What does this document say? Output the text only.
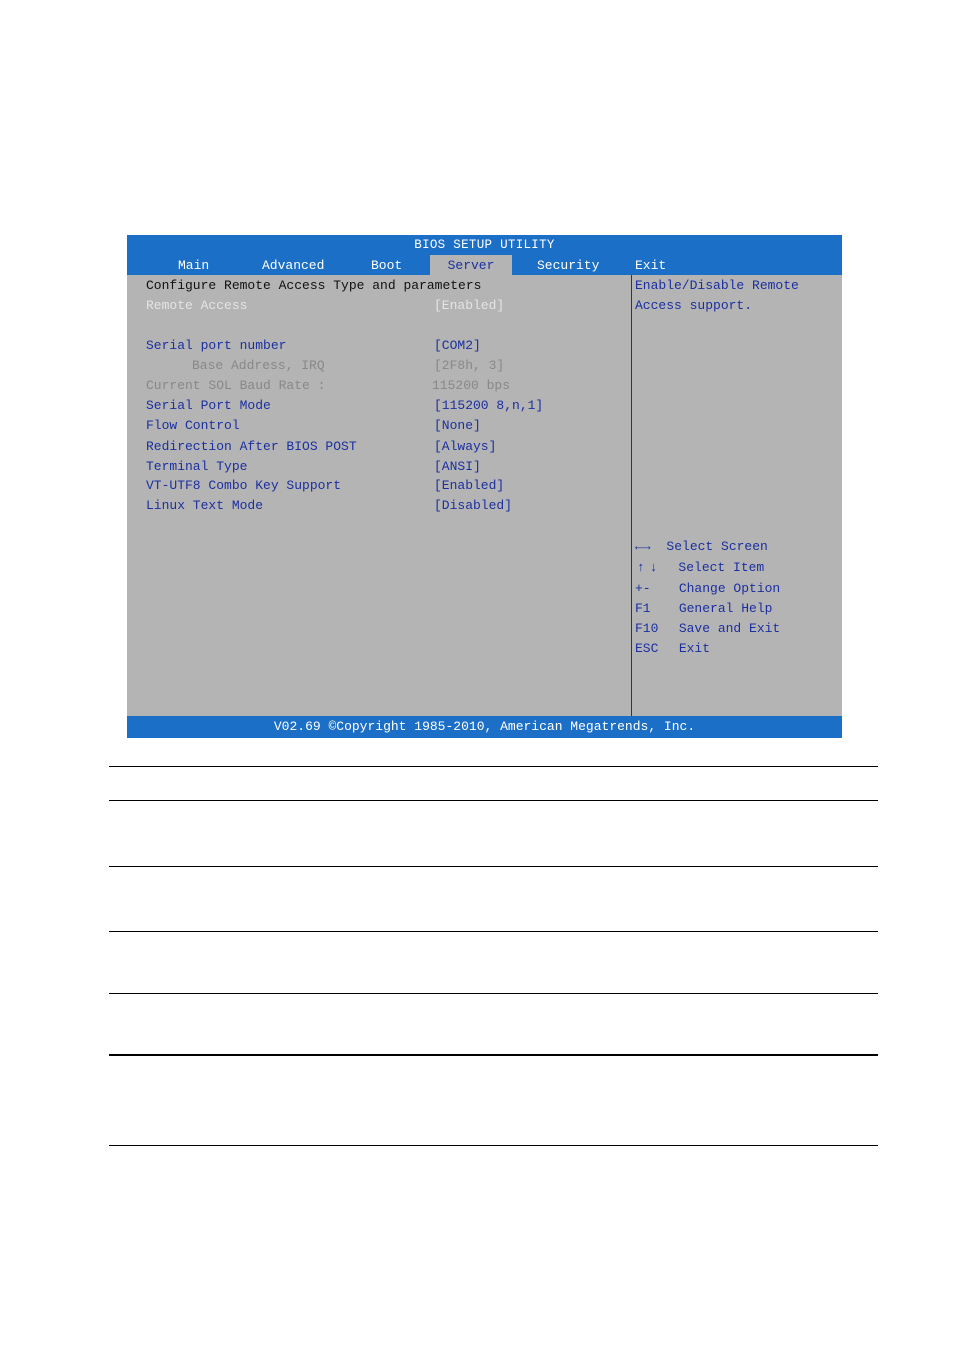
BIOS SETUP UTILITY
Main	Advanced	Boot	Server	Security	Exit
Configure Remote Access Type and parameters
Remote Access	[Enabled]
Serial port number	[COM2]
Base Address, IRQ	[2F8h, 3]
Current SOL Baud Rate :	115200 bps
Serial Port Mode	[115200 8,n,1]
Flow Control	[None]
Redirection After BIOS POST	[Always]
Terminal Type	[ANSI]
VT-UTF8 Combo Key Support	[Enabled]
Linux Text Mode	[Disabled]
Enable/Disable Remote
Access support.
←→ Select Screen
↑↓ Select Item
+- Change Option
F1 General Help
F10 Save and Exit
ESC Exit
V02.69 ©Copyright 1985-2010, American Megatrends, Inc.
